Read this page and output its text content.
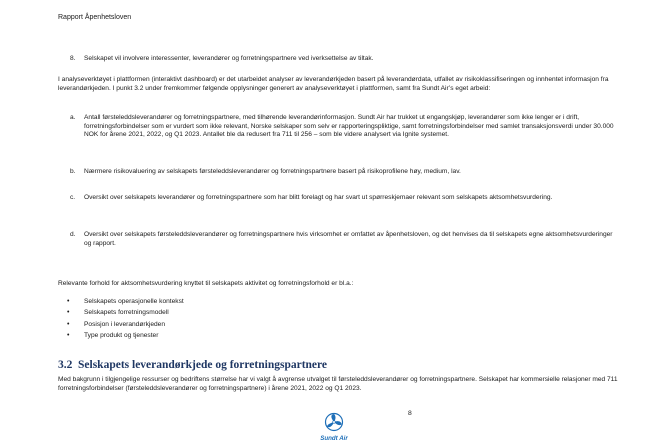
Rapport Åpenhetsloven
8. Selskapet vil involvere interessenter, leverandører og forretningspartnere ved iverksettelse av tiltak.

I analyseverktøyet i plattformen (interaktivt dashboard) er det utarbeidet analyser av leverandørkjeden basert på leverandørdata, utfallet av risikoklassifiseringen og innhentet informasjon fra leverandørkjeden. I punkt 3.2 under fremkommer følgende opplysninger generert av analyseverktøyet i plattformen, samt fra Sundt Air’s eget arbeid:

a. Antall førsteleddsleverandører og forretningspartnere, med tilhørende leverandørinformasjon. Sundt Air har trukket ut engangskjøp, leverandører som ikke lenger er i drift, forretningsforbindelser som er vurdert som ikke relevant, Norske selskaper som selv er rapporteringspliktige, samt forretningsforbindelser med samlet transaksjonsverdi under 30.000 NOK for årene 2021, 2022, og Q1 2023. Antallet ble da redusert fra 711 til 256 – som ble videre analysert via Ignite systemet.
b. Nærmere risikovaluering av selskapets førsteleddsleverandører og forretningspartnere basert på risikoprofilene høy, medium, lav.
c. Oversikt over selskapets leverandører og forretningspartnere som har blitt forelagt og har svart ut spørreskjemaer relevant som selskapets aktsomhetsvurdering.
d. Oversikt over selskapets førsteleddsleverandører og forretningspartnere hvis virksomhet er omfattet av åpenhetsloven, og det henvises da til selskapets egne aktsomhetsvurderinger og rapport.

Relevante forhold for aktsomhetsvurdering knyttet til selskapets aktivitet og forretningsforhold er bl.a.:

• Selskapets operasjonelle kontekst
• Selskapets forretningsmodell
• Posisjon i leverandørkjeden
• Type produkt og tjenester
3.2 Selskapets leverandørkjede og forretningspartnere

Med bakgrunn i tilgjengelige ressurser og bedriftens størrelse har vi valgt å avgrense utvalget til førsteleddsleverandører og forretningspartnere. Selskapet har kommersielle relasjoner med 711 forretningsforbindelser (førsteleddsleverandører og forretningspartnere) i årene 2021, 2022 og Q1 2023.

8
Sundt Air
